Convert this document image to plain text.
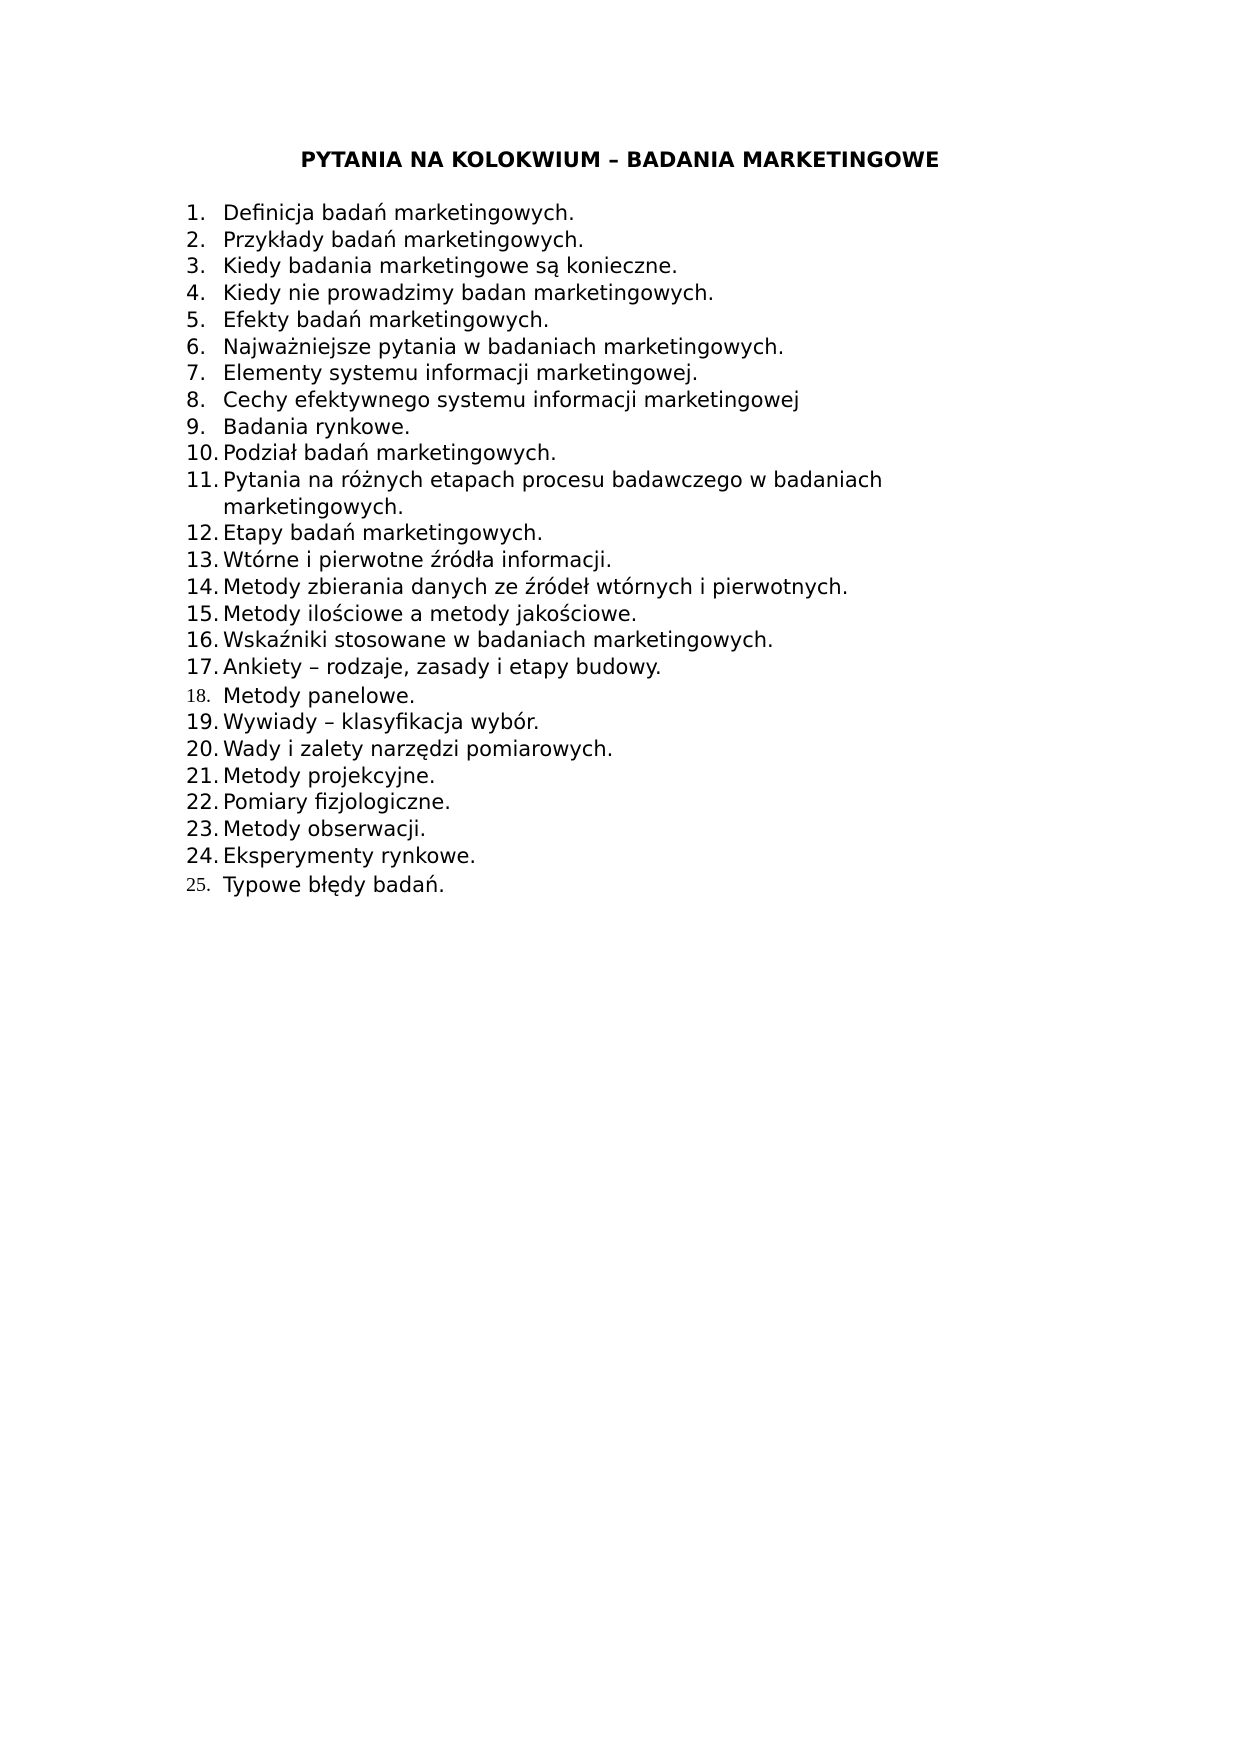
PYTANIA NA KOLOKWIUM – BADANIA MARKETINGOWE
1. Definicja badań marketingowych.
2. Przykłady badań marketingowych.
3. Kiedy badania marketingowe są konieczne.
4. Kiedy nie prowadzimy badan marketingowych.
5. Efekty badań marketingowych.
6. Najważniejsze pytania w badaniach marketingowych.
7. Elementy systemu informacji marketingowej.
8. Cechy efektywnego systemu informacji marketingowej
9. Badania rynkowe.
10. Podział badań marketingowych.
11. Pytania na różnych etapach procesu badawczego w badaniach marketingowych.
12. Etapy badań marketingowych.
13. Wtórne i pierwotne źródła informacji.
14. Metody zbierania danych ze źródeł wtórnych i pierwotnych.
15. Metody ilościowe a metody jakościowe.
16. Wskaźniki stosowane w badaniach marketingowych.
17. Ankiety – rodzaje, zasady i etapy budowy.
18. Metody panelowe.
19. Wywiady – klasyfikacja wybór.
20. Wady i zalety narzędzi pomiarowych.
21. Metody projekcyjne.
22. Pomiary fizjologiczne.
23. Metody obserwacji.
24. Eksperymenty rynkowe.
25. Typowe błędy badań.
